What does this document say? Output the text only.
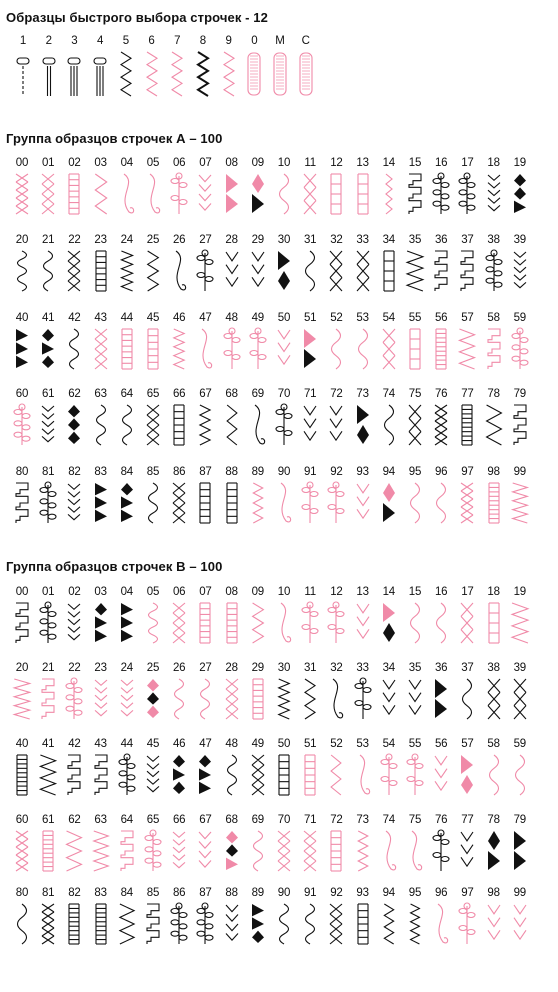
Образцы быстрого выбора строчек - 12
Группа образцов строчек А – 100
Группа образцов строчек В – 100
1	2	3	4	5	6	7	8	9	0	M	C
00	01	02	03	04	05	06	07	08	09	10	11	12	13	14	15	16	17	18	19
20	21	22	23	24	25	26	27	28	29	30	31	32	33	34	35	36	37	38	39
40	41	42	43	44	45	46	47	48	49	50	51	52	53	54	55	56	57	58	59
60	61	62	63	64	65	66	67	68	69	70	71	72	73	74	75	76	77	78	79
80	81	82	83	84	85	86	87	88	89	90	91	92	93	94	95	96	97	98	99
00	01	02	03	04	05	06	07	08	09	10	11	12	13	14	15	16	17	18	19
20	21	22	23	24	25	26	27	28	29	30	31	32	33	34	35	36	37	38	39
40	41	42	43	44	45	46	47	48	49	50	51	52	53	54	55	56	57	58	59
60	61	62	63	64	65	66	67	68	69	70	71	72	73	74	75	76	77	78	79
80	81	82	83	84	85	86	87	88	89	90	91	92	93	94	95	96	97	98	99
